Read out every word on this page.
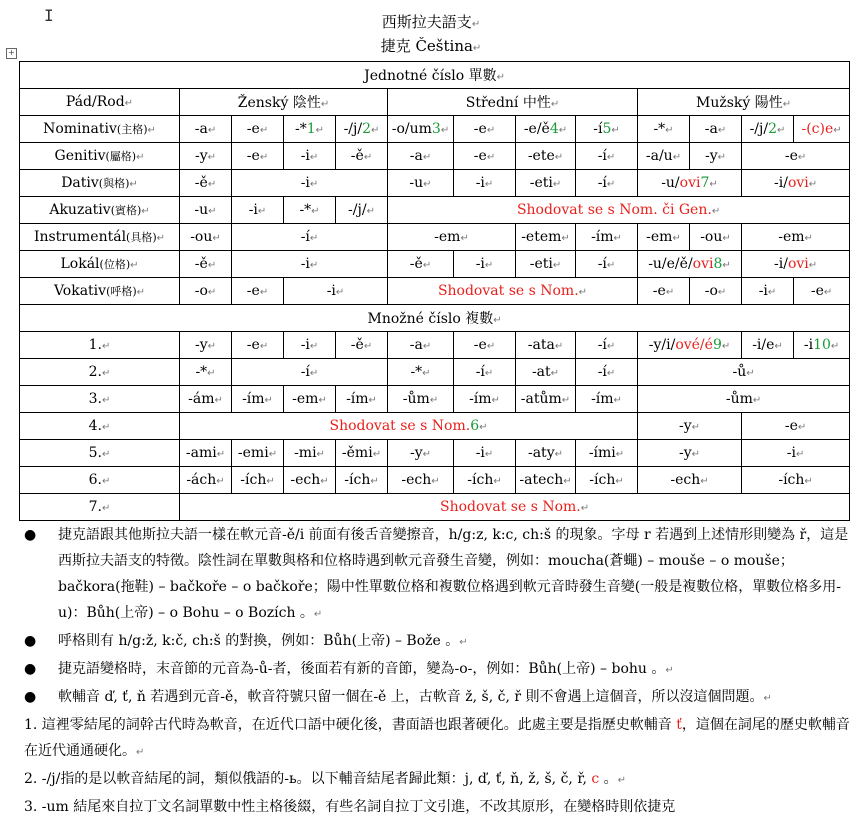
I
+
西斯拉夫語支↵
捷克 Čeština↵
Jednotné číslo 單數↵												
Pád/Rod↵	Ženský 陰性↵				Střední 中性↵				Mužský 陽性↵			
Nominativ(主格)↵	-a↵	-e↵	-*1↵	-/j/2↵	-o/um3↵	-e↵	-e/ě4↵	-í5↵	-*↵	-a↵	-/j/2↵	-(c)e↵
Genitiv(屬格)↵	-y↵	-e↵	-i↵	-ě↵	-a↵	-e↵	-ete↵	-í↵	-a/u↵	-y↵	-e↵	
Dativ(與格)↵	-ě↵	-i↵			-u↵	-i↵	-eti↵	-í↵	-u/ovi7↵		-i/ovi↵	
Akuzativ(賓格)↵	-u↵	-i↵	-*↵	-/j/↵	Shodovat se s Nom. či Gen.↵							
Instrumentál(具格)↵	-ou↵	-í↵			-em↵		-etem↵	-ím↵	-em↵	-ou↵	-em↵	
Lokál(位格)↵	-ě↵	-i↵			-ě↵	-i↵	-eti↵	-í↵	-u/e/ě/ovi8↵		-i/ovi↵	
Vokativ(呼格)↵	-o↵	-e↵	-i↵		Shodovat se s Nom.↵				-e↵	-o↵	-i↵	-e↵
Množné číslo 複數↵												
1.↵	-y↵	-e↵	-i↵	-ě↵	-a↵	-e↵	-ata↵	-í↵	-y/i/ové/é9↵		-i/e↵	-i10↵
2.↵	-*↵	-í↵			-*↵	-í↵	-at↵	-í↵	-ů↵			
3.↵	-ám↵	-ím↵	-em↵	-ím↵	-ům↵	-ím↵	-atům↵	-ím↵	-ům↵			
4.↵	Shodovat se s Nom.6↵								-y↵		-e↵	
5.↵	-ami↵	-emi↵	-mi↵	-ěmi↵	-y↵	-i↵	-aty↵	-ími↵	-y↵		-i↵	
6.↵	-ách↵	-ích↵	-ech↵	-ích↵	-ech↵	-ích↵	-atech↵	-ích↵	-ech↵		-ích↵	
7.↵	Shodovat se s Nom.↵											
● 捷克語跟其他斯拉夫語一樣在軟元音-ě/i 前面有後舌音變擦音，h/g:z, k:c, ch:š 的現象。字母 r 若遇到上述情形則變為 ř，這是西斯拉夫語支的特徵。陰性詞在單數與格和位格時遇到軟元音發生音變，例如：moucha(蒼蠅) – mouše – o mouše；bačkora(拖鞋) – bačkoře – o bačkoře；陽中性單數位格和複數位格遇到軟元音時發生音變(一般是複數位格，單數位格多用-u)：Bůh(上帝) – o Bohu – o Bozích 。↵
● 呼格則有 h/g:ž, k:č, ch:š 的對換，例如：Bůh(上帝) – Bože 。↵
● 捷克語變格時，末音節的元音為-ů-者，後面若有新的音節，變為-o-，例如：Bůh(上帝) – bohu 。↵
● 軟輔音 ď, ť, ň 若遇到元音-ě，軟音符號只留一個在-ě 上，古軟音 ž, š, č, ř 則不會遇上這個音，所以沒這個問題。↵
1. 這裡零結尾的詞幹古代時為軟音，在近代口語中硬化後，書面語也跟著硬化。此處主要是指歷史軟輔音 ť，這個在詞尾的歷史軟輔音在近代通通硬化。↵
2. -/j/指的是以軟音結尾的詞，類似俄語的-ь。以下輔音結尾者歸此類：j, ď, ť, ň, ž, š, č, ř, c 。↵
3. -um 結尾來自拉丁文名詞單數中性主格後綴，有些名詞自拉丁文引進，不改其原形，在變格時則依捷克
